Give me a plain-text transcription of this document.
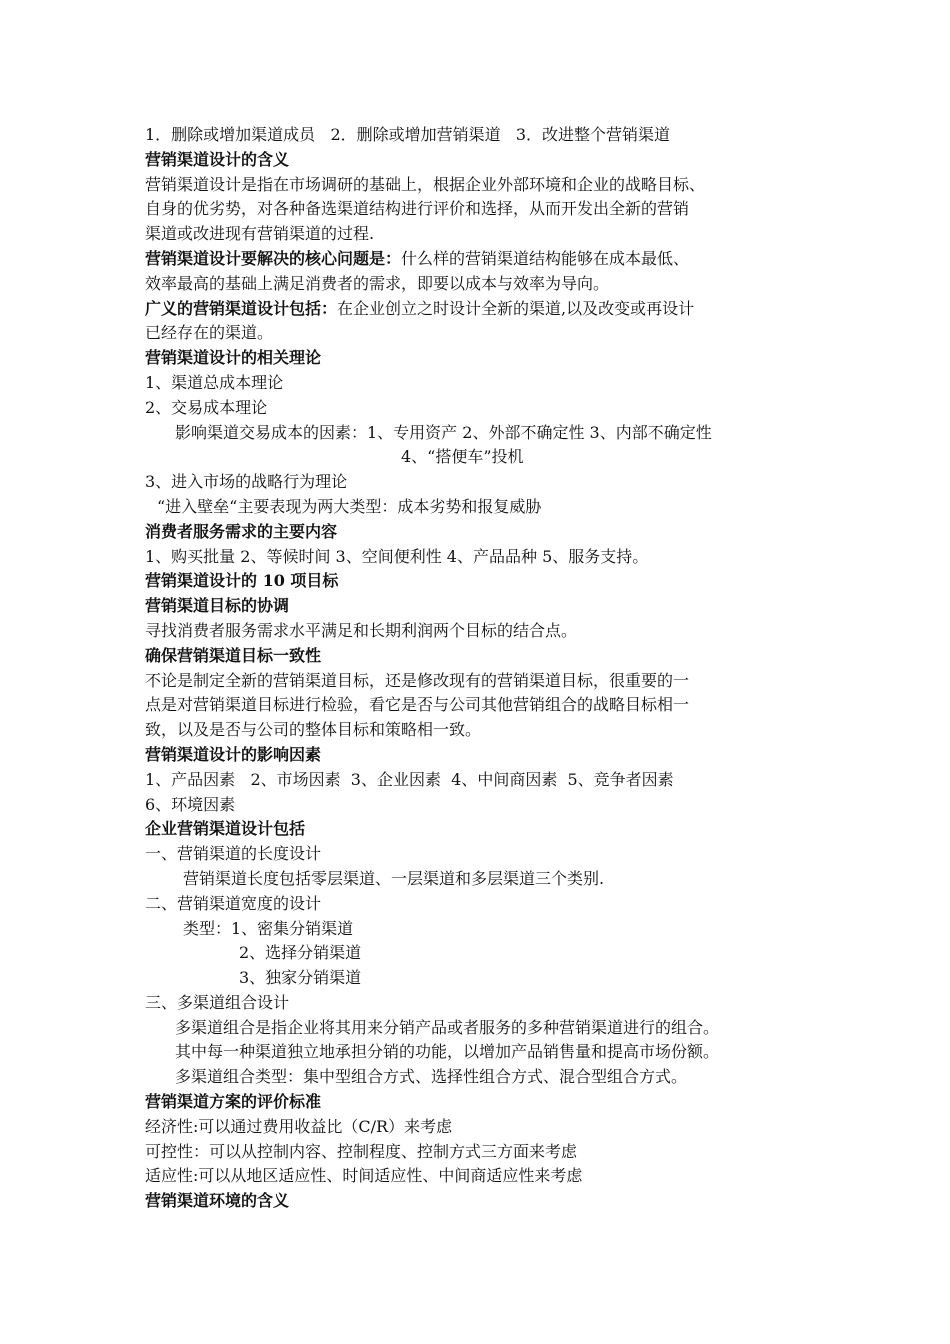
1．删除或增加渠道成员   2．删除或增加营销渠道   3．改进整个营销渠道
营销渠道设计的含义
营销渠道设计是指在市场调研的基础上，根据企业外部环境和企业的战略目标、
自身的优劣势，对各种备选渠道结构进行评价和选择，从而开发出全新的营销
渠道或改进现有营销渠道的过程.
营销渠道设计要解决的核心问题是：什么样的营销渠道结构能够在成本最低、
效率最高的基础上满足消费者的需求，即要以成本与效率为导向。
广义的营销渠道设计包括：在企业创立之时设计全新的渠道,以及改变或再设计
已经存在的渠道。
营销渠道设计的相关理论
1、渠道总成本理论
2、交易成本理论
影响渠道交易成本的因素：1、专用资产 2、外部不确定性 3、内部不确定性
4、“搭便车”投机
3、进入市场的战略行为理论
“进入壁垒“主要表现为两大类型：成本劣势和报复威胁
消费者服务需求的主要内容
1、购买批量 2、等候时间 3、空间便利性 4、产品品种 5、服务支持。
营销渠道设计的 10 项目标
营销渠道目标的协调
寻找消费者服务需求水平满足和长期利润两个目标的结合点。
确保营销渠道目标一致性
不论是制定全新的营销渠道目标，还是修改现有的营销渠道目标，很重要的一
点是对营销渠道目标进行检验，看它是否与公司其他营销组合的战略目标相一
致，以及是否与公司的整体目标和策略相一致。
营销渠道设计的影响因素
1、产品因素   2、市场因素  3、企业因素  4、中间商因素  5、竞争者因素
6、环境因素
企业营销渠道设计包括
一、营销渠道的长度设计
营销渠道长度包括零层渠道、一层渠道和多层渠道三个类别.
二、营销渠道宽度的设计
类型：1、密集分销渠道
2、选择分销渠道
3、独家分销渠道
三、多渠道组合设计
多渠道组合是指企业将其用来分销产品或者服务的多种营销渠道进行的组合。
其中每一种渠道独立地承担分销的功能，以增加产品销售量和提高市场份额。
多渠道组合类型：集中型组合方式、选择性组合方式、混合型组合方式。
营销渠道方案的评价标准
经济性:可以通过费用收益比（C/R）来考虑
可控性：可以从控制内容、控制程度、控制方式三方面来考虑
适应性:可以从地区适应性、时间适应性、中间商适应性来考虑
营销渠道环境的含义
